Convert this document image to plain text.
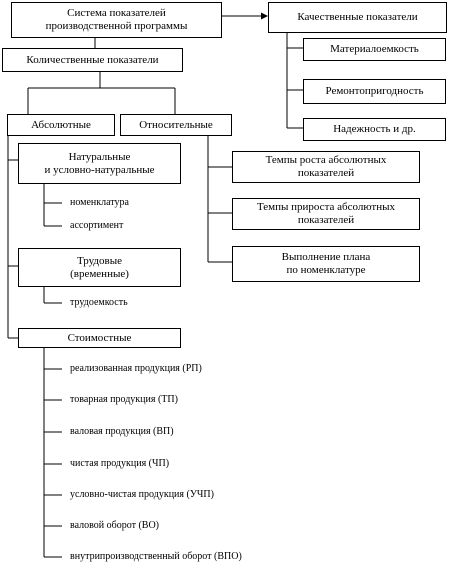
Система показателей
производственной программы
Качественные показатели
Материалоемкость
Ремонтопригодность
Надежность и др.
Количественные показатели
Абсолютные	Относительные
Темпы роста абсолютных
показателей
Темпы прироста абсолютных
показателей
Выполнение плана
по номенклатуре
Натуральные
и условно-натуральные
номенклатура
ассортимент
Трудовые
(временные)
трудоемкость
Стоимостные
реализованная продукция (РП)
товарная продукция (ТП)
валовая продукция (ВП)
чистая продукция (ЧП)
условно-чистая продукция (УЧП)
валовой оборот (ВО)
внутрипроизводственный оборот (ВПО)
